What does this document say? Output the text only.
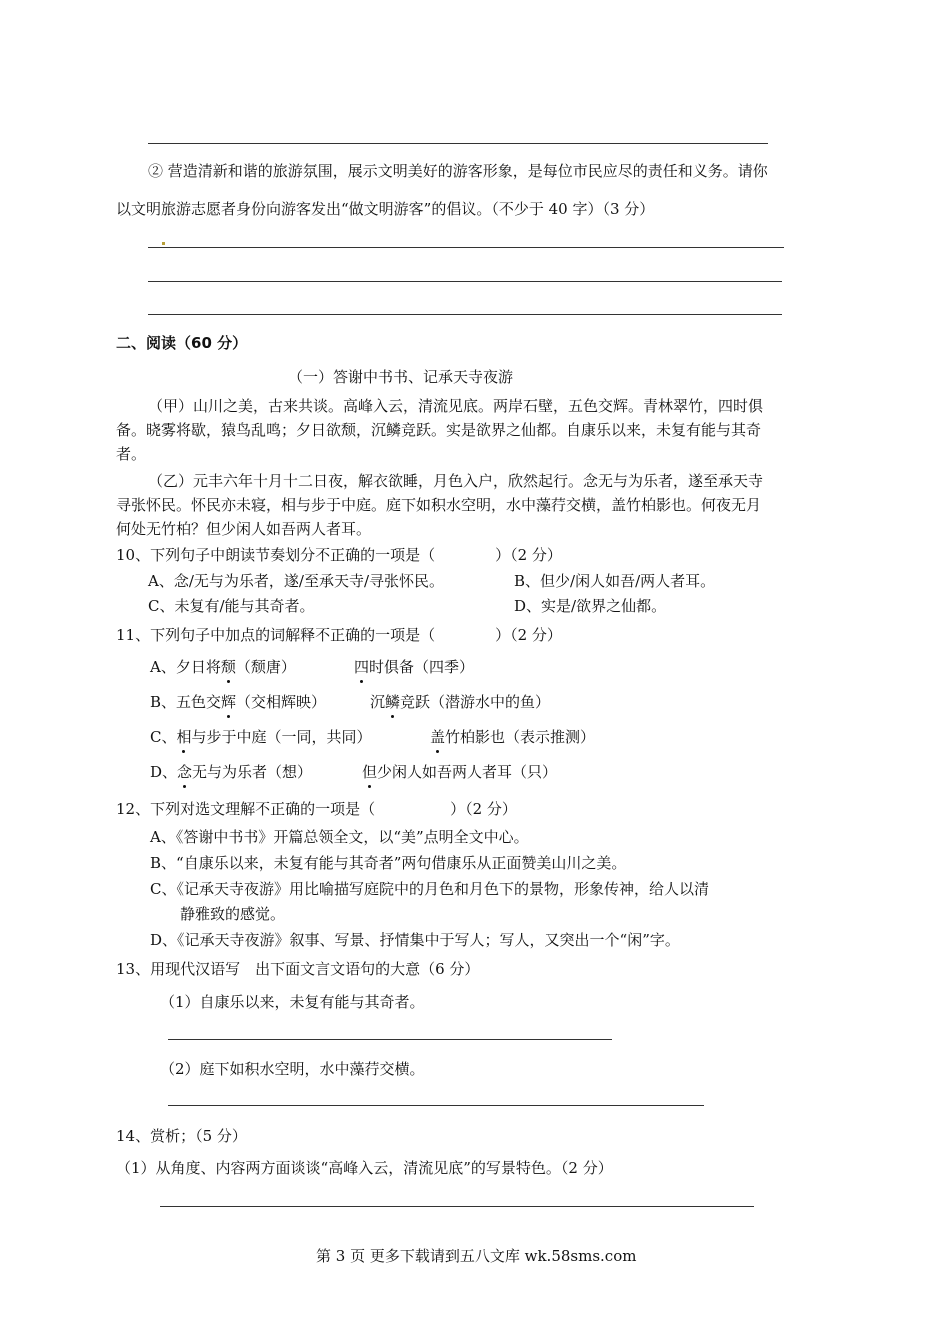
② 营造清新和谐的旅游氛围，展示文明美好的游客形象，是每位市民应尽的责任和义务。请你
以文明旅游志愿者身份向游客发出“做文明游客”的倡议。（不少于 40 字）（3 分）
二、阅读（60 分）
（一）答谢中书书、记承天寺夜游
（甲）山川之美，古来共谈。高峰入云，清流见底。两岸石壁，五色交辉。青林翠竹，四时俱
备。晓雾将歇，猿鸟乱鸣；夕日欲颓，沉鳞竞跃。实是欲界之仙都。自康乐以来，未复有能与其奇
者。
（乙）元丰六年十月十二日夜，解衣欲睡，月色入户，欣然起行。念无与为乐者，遂至承天寺
寻张怀民。怀民亦未寝，相与步于中庭。庭下如积水空明，水中藻荇交横，盖竹柏影也。何夜无月
何处无竹柏？但少闲人如吾两人者耳。
10、下列句子中朗读节奏划分不正确的一项是（　　　　）（2 分）
A、念/无与为乐者，遂/至承天寺/寻张怀民。	B、但少/闲人如吾/两人者耳。
C、未复有/能与其奇者。	D、实是/欲界之仙都。
11、下列句子中加点的词解释不正确的一项是（　　　　）（2 分）
A、夕日将颓（颓唐）	四时俱备（四季）
B、五色交辉（交相辉映）	沉鳞竞跃（潜游水中的鱼）
C、相与步于中庭（一同，共同）	盖竹柏影也（表示推测）
D、念无与为乐者（想）	但少闲人如吾两人者耳（只）
12、下列对选文理解不正确的一项是（　　　　　）（2 分）
A、《答谢中书书》开篇总领全文，以“美”点明全文中心。
B、“自康乐以来，未复有能与其奇者”两句借康乐从正面赞美山川之美。
C、《记承天寺夜游》用比喻描写庭院中的月色和月色下的景物，形象传神，给人以清
静雅致的感觉。
D、《记承天寺夜游》叙事、写景、抒情集中于写人；写人，又突出一个“闲”字。
13、用现代汉语写　出下面文言文语句的大意（6 分）
（1）自康乐以来，未复有能与其奇者。
（2）庭下如积水空明，水中藻荇交横。
14、赏析；（5 分）
（1）从角度、内容两方面谈谈“高峰入云，清流见底”的写景特色。（2 分）
第 3 页 更多下载请到五八文库 wk.58sms.com
